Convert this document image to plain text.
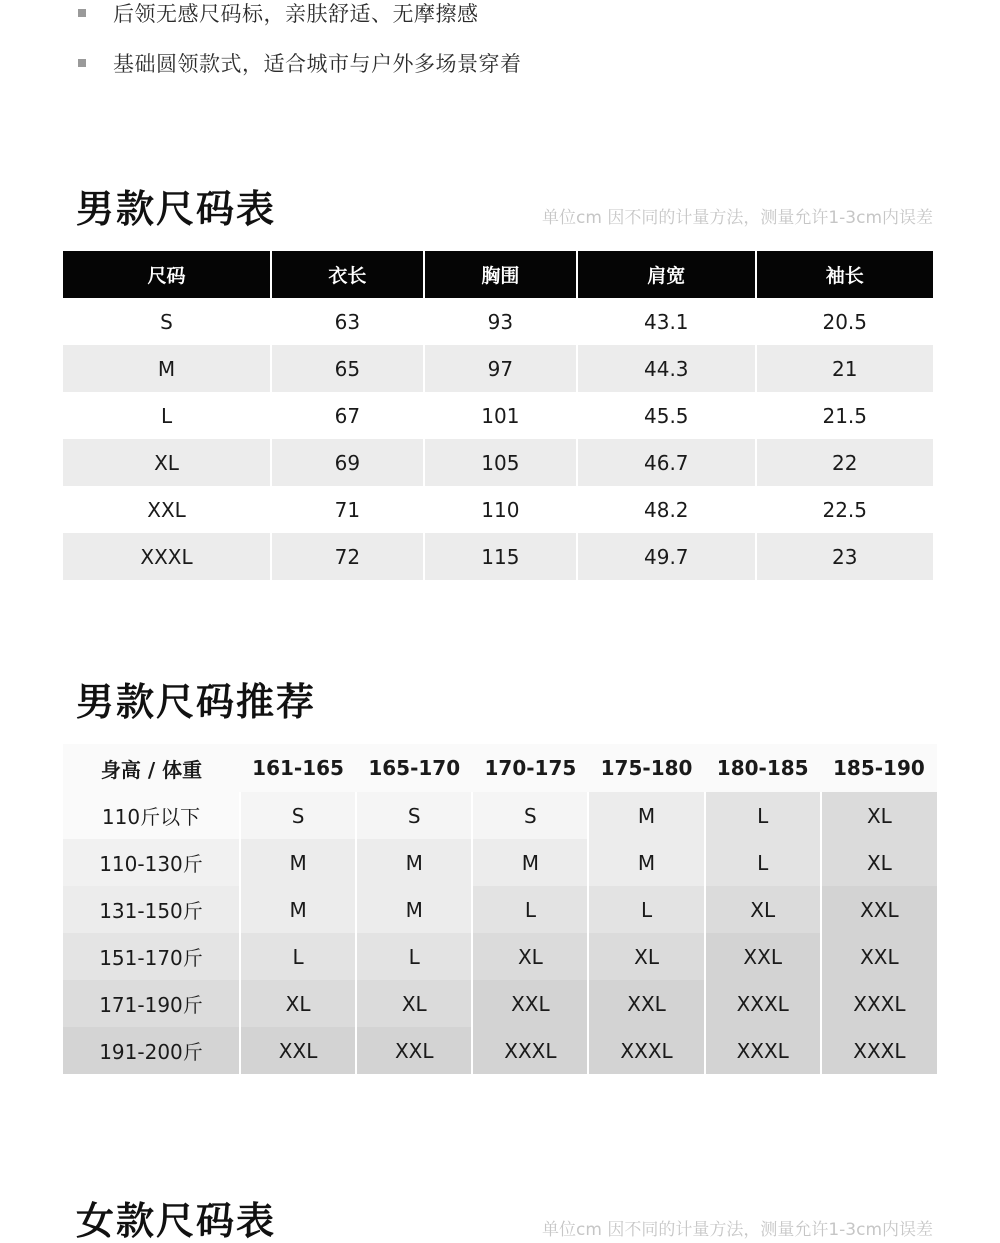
后领无感尺码标，亲肤舒适、无摩擦感
基础圆领款式，适合城市与户外多场景穿着
男款尺码表	单位cm 因不同的计量方法，测量允许1-3cm内误差
尺码	衣长	胸围	肩宽	袖长
S	63	93	43.1	20.5
M	65	97	44.3	21
L	67	101	45.5	21.5
XL	69	105	46.7	22
XXL	71	110	48.2	22.5
XXXL	72	115	49.7	23
男款尺码推荐
身高 / 体重	161-165	165-170	170-175	175-180	180-185	185-190
110斤以下	S	S	S	M	L	XL
110-130斤	M	M	M	M	L	XL
131-150斤	M	M	L	L	XL	XXL
151-170斤	L	L	XL	XL	XXL	XXL
171-190斤	XL	XL	XXL	XXL	XXXL	XXXL
191-200斤	XXL	XXL	XXXL	XXXL	XXXL	XXXL
女款尺码表	单位cm 因不同的计量方法，测量允许1-3cm内误差
